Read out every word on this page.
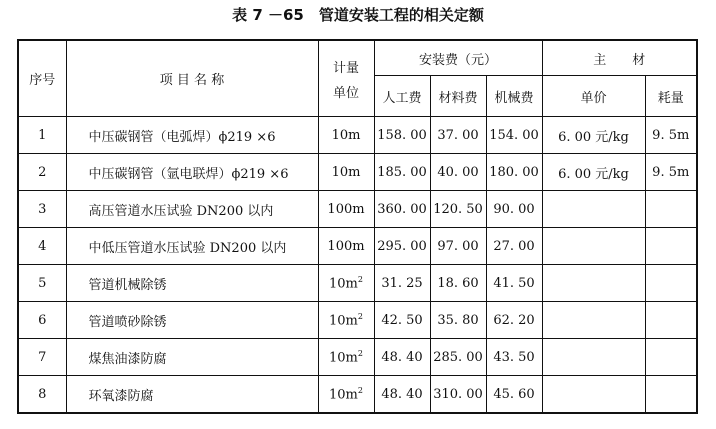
表 7 －65　管道安装工程的相关定额
序号	项 目 名 称	计量
单位	安装费（元）			主　　材	
			人工费	材料费	机械费	单价	耗量
1	中压碳钢管（电弧焊）ϕ219 ×6	10m	158. 00	37. 00	154. 00	6. 00 元/kg	9. 5m
2	中压碳钢管（氩电联焊）ϕ219 ×6	10m	185. 00	40. 00	180. 00	6. 00 元/kg	9. 5m
3	高压管道水压试验 DN200 以内	100m	360. 00	120. 50	90. 00		
4	中低压管道水压试验 DN200 以内	100m	295. 00	97. 00	27. 00		
5	管道机械除锈	$10m^2$	31. 25	18. 60	41. 50		
6	管道喷砂除锈	$10m^2$	42. 50	35. 80	62. 20		
7	煤焦油漆防腐	$10m^2$	48. 40	285. 00	43. 50		
8	环氧漆防腐	$10m^2$	48. 40	310. 00	45. 60		
